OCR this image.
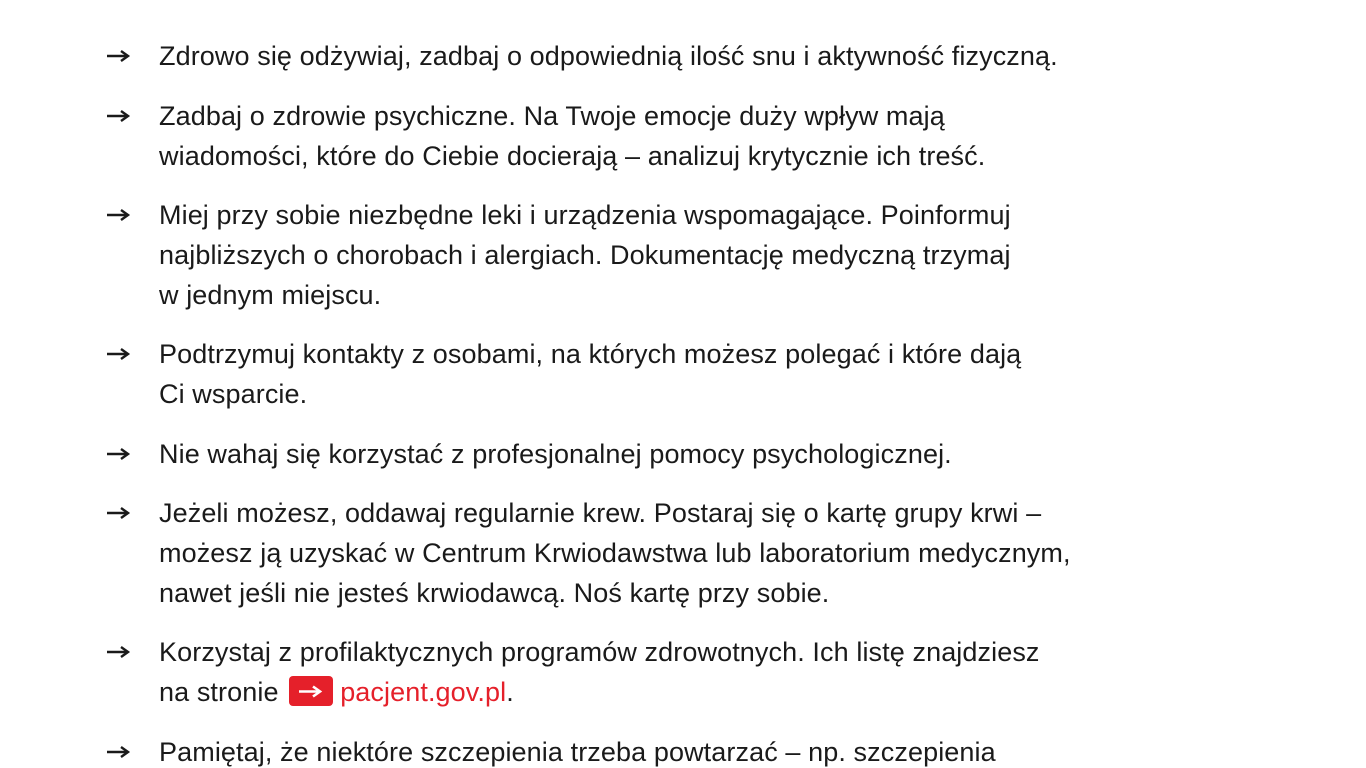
Zdrowo się odżywiaj, zadbaj o odpowiednią ilość snu i aktywność fizyczną.
Zadbaj o zdrowie psychiczne. Na Twoje emocje duży wpływ mają
wiadomości, które do Ciebie docierają – analizuj krytycznie ich treść.
Miej przy sobie niezbędne leki i urządzenia wspomagające. Poinformuj
najbliższych o chorobach i alergiach. Dokumentację medyczną trzymaj
w jednym miejscu.
Podtrzymuj kontakty z osobami, na których możesz polegać i które dają
Ci wsparcie.
Nie wahaj się korzystać z profesjonalnej pomocy psychologicznej.
Jeżeli możesz, oddawaj regularnie krew. Postaraj się o kartę grupy krwi –
możesz ją uzyskać w Centrum Krwiodawstwa lub laboratorium medycznym,
nawet jeśli nie jesteś krwiodawcą. Noś kartę przy sobie.
Korzystaj z profilaktycznych programów zdrowotnych. Ich listę znajdziesz
na stronie
pacjent.gov.pl.
Pamiętaj, że niektóre szczepienia trzeba powtarzać – np. szczepienia
